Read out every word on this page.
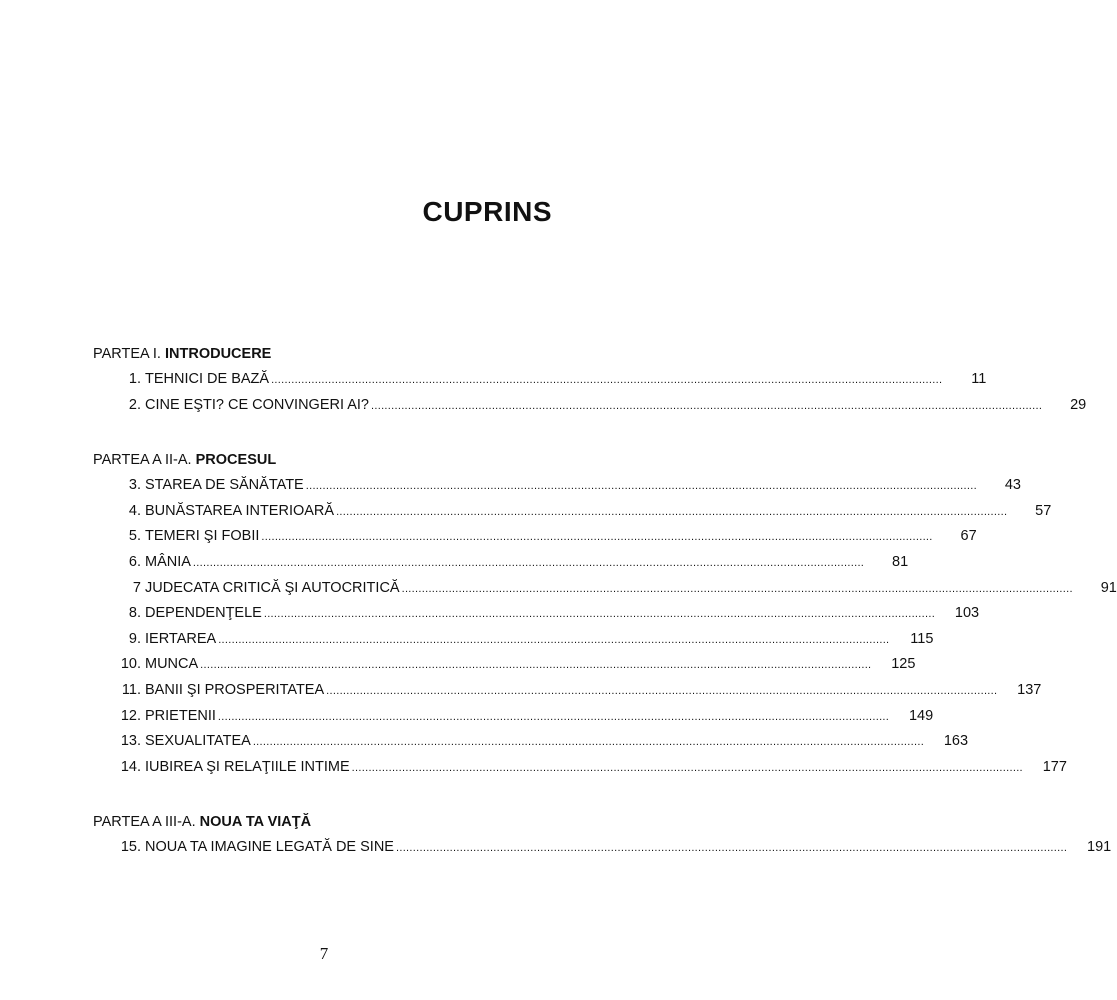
CUPRINS
PARTEA I. INTRODUCERE
1. TEHNICI DE BAZĂ ........................................................................................................................................................................................................	11
2. CINE EŞTI? CE CONVINGERI AI? ........................................................................................................................................................................................................	29
PARTEA A II-A. PROCESUL
3. STAREA DE SĂNĂTATE ........................................................................................................................................................................................................	43
4. BUNĂSTAREA INTERIOARĂ ........................................................................................................................................................................................................	57
5. TEMERI ŞI FOBII ........................................................................................................................................................................................................	67
6. MÂNIA ........................................................................................................................................................................................................	81
7 JUDECATA CRITICĂ ŞI AUTOCRITICĂ ........................................................................................................................................................................................................	91
8. DEPENDENŢELE ........................................................................................................................................................................................................	103
9. IERTAREA ........................................................................................................................................................................................................	115
10. MUNCA ........................................................................................................................................................................................................	125
11. BANII ŞI PROSPERITATEA ........................................................................................................................................................................................................	137
12. PRIETENII ........................................................................................................................................................................................................	149
13. SEXUALITATEA ........................................................................................................................................................................................................	163
14. IUBIREA ŞI RELAŢIILE INTIME ........................................................................................................................................................................................................	177
PARTEA A III-A. NOUA TA VIAŢĂ
15. NOUA TA IMAGINE LEGATĂ DE SINE ........................................................................................................................................................................................................	191
7
